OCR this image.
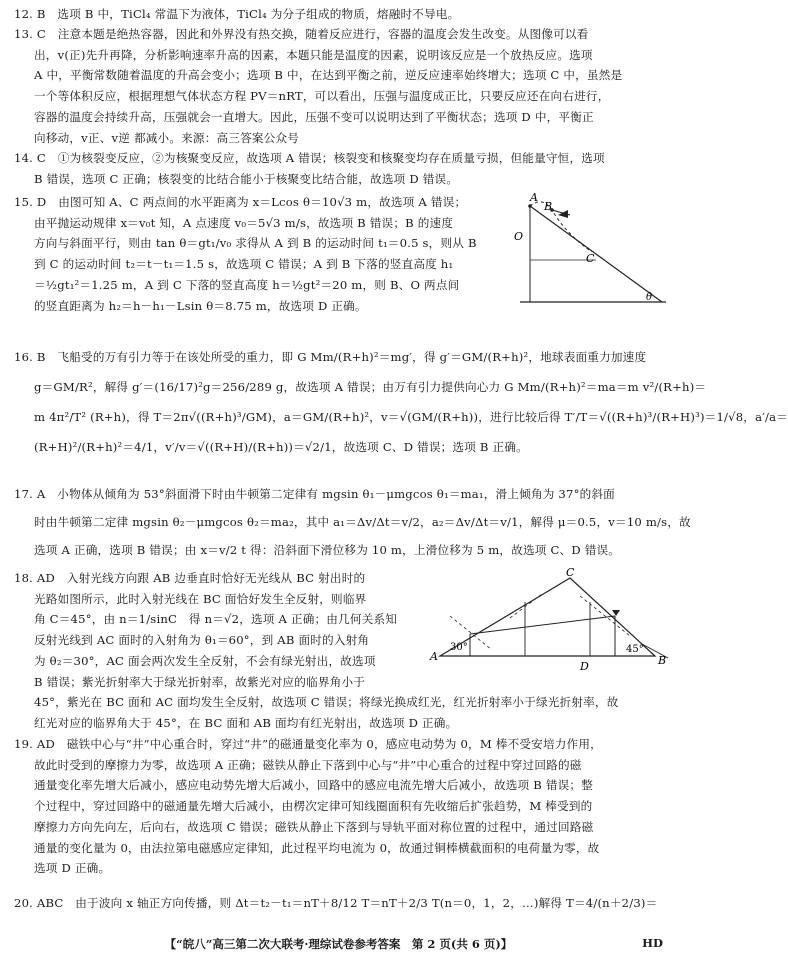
12. B　选项 B 中，TiCl₄ 常温下为液体，TiCl₄ 为分子组成的物质，熔融时不导电。

13. C　注意本题是绝热容器，因此和外界没有热交换，随着反应进行，容器的温度会发生改变。从图像可以看

出，v(正)先升再降，分析影响速率升高的因素，本题只能是温度的因素，说明该反应是一个放热反应。选项

A 中，平衡常数随着温度的升高会变小；选项 B 中，在达到平衡之前，逆反应速率始终增大；选项 C 中，虽然是

一个等体积反应，根据理想气体状态方程 PV＝nRT，可以看出，压强与温度成正比，只要反应还在向右进行，

容器的温度会持续升高，压强就会一直增大。因此，压强不变可以说明达到了平衡状态；选项 D 中，平衡正

向移动，v正、v逆 都减小。来源：高三答案公众号

14. C　①为核裂变反应，②为核聚变反应，故选项 A 错误；核裂变和核聚变均存在质量亏损，但能量守恒，选项

B 错误，选项 C 正确；核裂变的比结合能小于核聚变比结合能，故选项 D 错误。

15. D　由图可知 A、C 两点间的水平距离为 x＝Lcos θ＝10√3 m，故选项 A 错误；

由平抛运动规律 x＝v₀t 知，A 点速度 v₀＝5√3 m/s，故选项 B 错误；B 的速度

方向与斜面平行，则由 tan θ＝gt₁/v₀ 求得从 A 到 B 的运动时间 t₁＝0.5 s，则从 B

到 C 的运动时间 t₂＝t－t₁＝1.5 s，故选项 C 错误；A 到 B 下落的竖直高度 h₁

＝½gt₁²＝1.25 m，A 到 C 下落的竖直高度 h＝½gt²＝20 m，则 B、O 两点间

的竖直距离为 h₂＝h－h₁－Lsin θ＝8.75 m，故选项 D 正确。

A
B
O
C
θ

16. B　飞船受的万有引力等于在该处所受的重力，即 G Mm/(R+h)²＝mg′，得 g′＝GM/(R+h)²，地球表面重力加速度

g＝GM/R²，解得 g′＝(16/17)²g＝256/289 g，故选项 A 错误；由万有引力提供向心力 G Mm/(R+h)²＝ma＝m v²/(R+h)＝

m 4π²/T² (R+h)，得 T＝2π√((R+h)³/GM)，a＝GM/(R+h)²，v＝√(GM/(R+h))，进行比较后得 T′/T＝√((R+h)³/(R+H)³)＝1/√8，a′/a＝

(R+H)²/(R+h)²＝4/1，v′/v＝√((R+H)/(R+h))＝√2/1，故选项 C、D 错误；选项 B 正确。

17. A　小物体从倾角为 53°斜面滑下时由牛顿第二定律有 mgsin θ₁－μmgcos θ₁＝ma₁，滑上倾角为 37°的斜面

时由牛顿第二定律 mgsin θ₂－μmgcos θ₂＝ma₂，其中 a₁＝Δv/Δt＝v/2，a₂＝Δv/Δt＝v/1，解得 μ＝0.5，v＝10 m/s，故

选项 A 正确，选项 B 错误；由 x＝v/2 t 得：沿斜面下滑位移为 10 m，上滑位移为 5 m，故选项 C、D 错误。

18. AD　入射光线方向跟 AB 边垂直时恰好无光线从 BC 射出时的

光路如图所示，此时入射光线在 BC 面恰好发生全反射，则临界

角 C＝45°，由 n＝1/sinC　得 n＝√2，选项 A 正确；由几何关系知

反射光线到 AC 面时的入射角为 θ₁＝60°，到 AB 面时的入射角

为 θ₂＝30°，AC 面会两次发生全反射，不会有绿光射出，故选项

B 错误；紫光折射率大于绿光折射率，故紫光对应的临界角小于

45°，紫光在 BC 面和 AC 面均发生全反射，故选项 C 错误；将绿光换成红光，红光折射率小于绿光折射率，故

红光对应的临界角大于 45°，在 BC 面和 AB 面均有红光射出，故选项 D 正确。

A	B
C
D
30°	45°

19. AD　磁铁中心与“井”中心重合时，穿过“井”的磁通量变化率为 0，感应电动势为 0，M 棒不受安培力作用，

故此时受到的摩擦力为零，故选项 A 正确；磁铁从静止下落到中心与“井”中心重合的过程中穿过回路的磁

通量变化率先增大后减小，感应电动势先增大后减小，回路中的感应电流先增大后减小，故选项 B 错误；整

个过程中，穿过回路中的磁通量先增大后减小，由楞次定律可知线圈面积有先收缩后扩张趋势，M 棒受到的

摩擦力方向先向左，后向右，故选项 C 错误；磁铁从静止下落到与导轨平面对称位置的过程中，通过回路磁

通量的变化量为 0，由法拉第电磁感应定律知，此过程平均电流为 0，故通过铜棒横截面积的电荷量为零，故

选项 D 正确。

20. ABC　由于波向 x 轴正方向传播，则 Δt＝t₂－t₁＝nT＋8/12 T＝nT＋2/3 T(n＝0，1，2，…)解得 T＝4/(n＋2/3)＝

【“皖八”高三第二次大联考·理综试卷参考答案　第 2 页(共 6 页)】	HD
